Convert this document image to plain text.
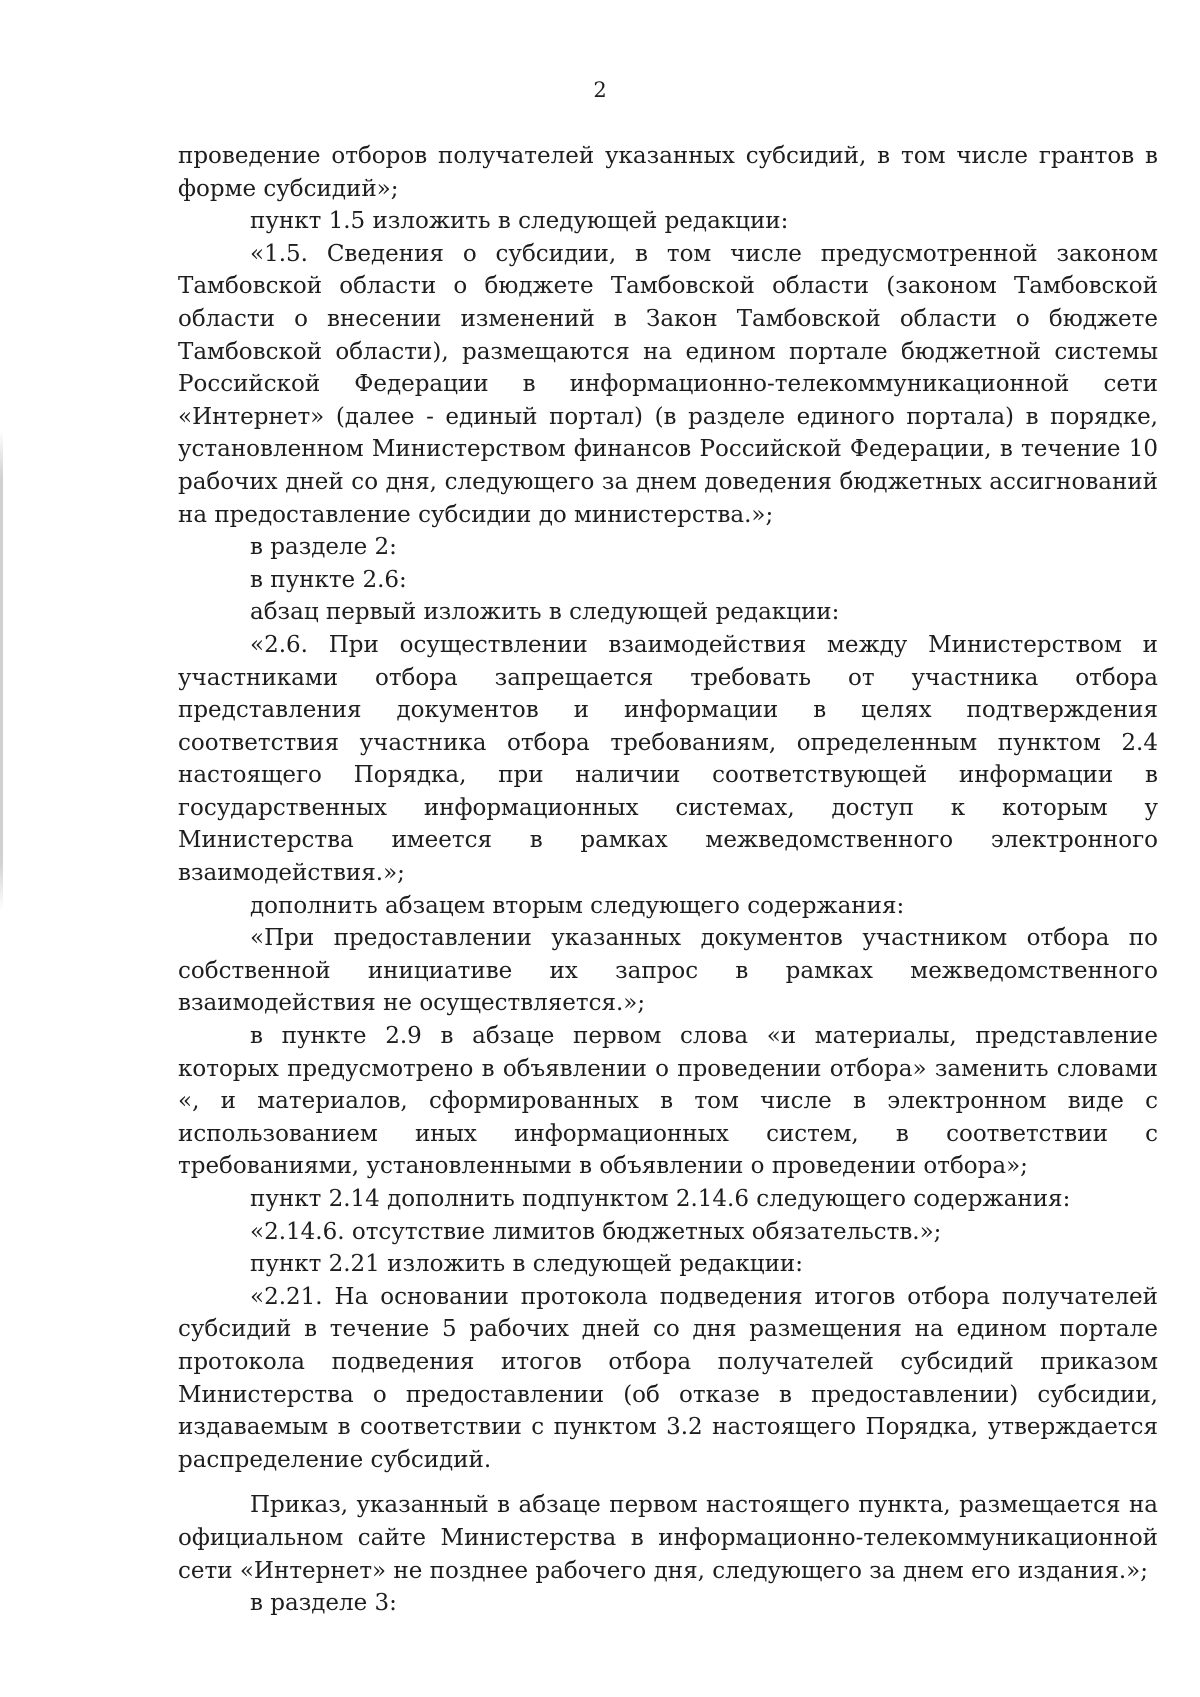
2

проведение отборов получателей указанных субсидий, в том числе грантов в форме субсидий»;

пункт 1.5 изложить в следующей редакции:

«1.5. Сведения о субсидии, в том числе предусмотренной законом Тамбовской области о бюджете Тамбовской области (законом Тамбовской области о внесении изменений в Закон Тамбовской области о бюджете Тамбовской области), размещаются на едином портале бюджетной системы Российской Федерации в информационно-телекоммуникационной сети «Интернет» (далее - единый портал) (в разделе единого портала) в порядке, установленном Министерством финансов Российской Федерации, в течение 10 рабочих дней со дня, следующего за днем доведения бюджетных ассигнований на предоставление субсидии до министерства.»;

в разделе 2:

в пункте 2.6:

абзац первый изложить в следующей редакции:

«2.6. При осуществлении взаимодействия между Министерством и участниками отбора запрещается требовать от участника отбора представления документов и информации в целях подтверждения соответствия участника отбора требованиям, определенным пунктом 2.4 настоящего Порядка, при наличии соответствующей информации в государственных информационных системах, доступ к которым у Министерства имеется в рамках межведомственного электронного взаимодействия.»;

дополнить абзацем вторым следующего содержания:

«При предоставлении указанных документов участником отбора по собственной инициативе их запрос в рамках межведомственного взаимодействия не осуществляется.»;

в пункте 2.9 в абзаце первом слова «и материалы, представление которых предусмотрено в объявлении о проведении отбора» заменить словами «, и материалов, сформированных в том числе в электронном виде с использованием иных информационных систем, в соответствии с требованиями, установленными в объявлении о проведении отбора»;

пункт 2.14 дополнить подпунктом 2.14.6 следующего содержания:

«2.14.6. отсутствие лимитов бюджетных обязательств.»;

пункт 2.21 изложить в следующей редакции:

«2.21. На основании протокола подведения итогов отбора получателей субсидий в течение 5 рабочих дней со дня размещения на едином портале протокола подведения итогов отбора получателей субсидий приказом Министерства о предоставлении (об отказе в предоставлении) субсидии, издаваемым в соответствии с пунктом 3.2 настоящего Порядка, утверждается распределение субсидий.

Приказ, указанный в абзаце первом настоящего пункта, размещается на официальном сайте Министерства в информационно-телекоммуникационной сети «Интернет» не позднее рабочего дня, следующего за днем его издания.»;

в разделе 3:
